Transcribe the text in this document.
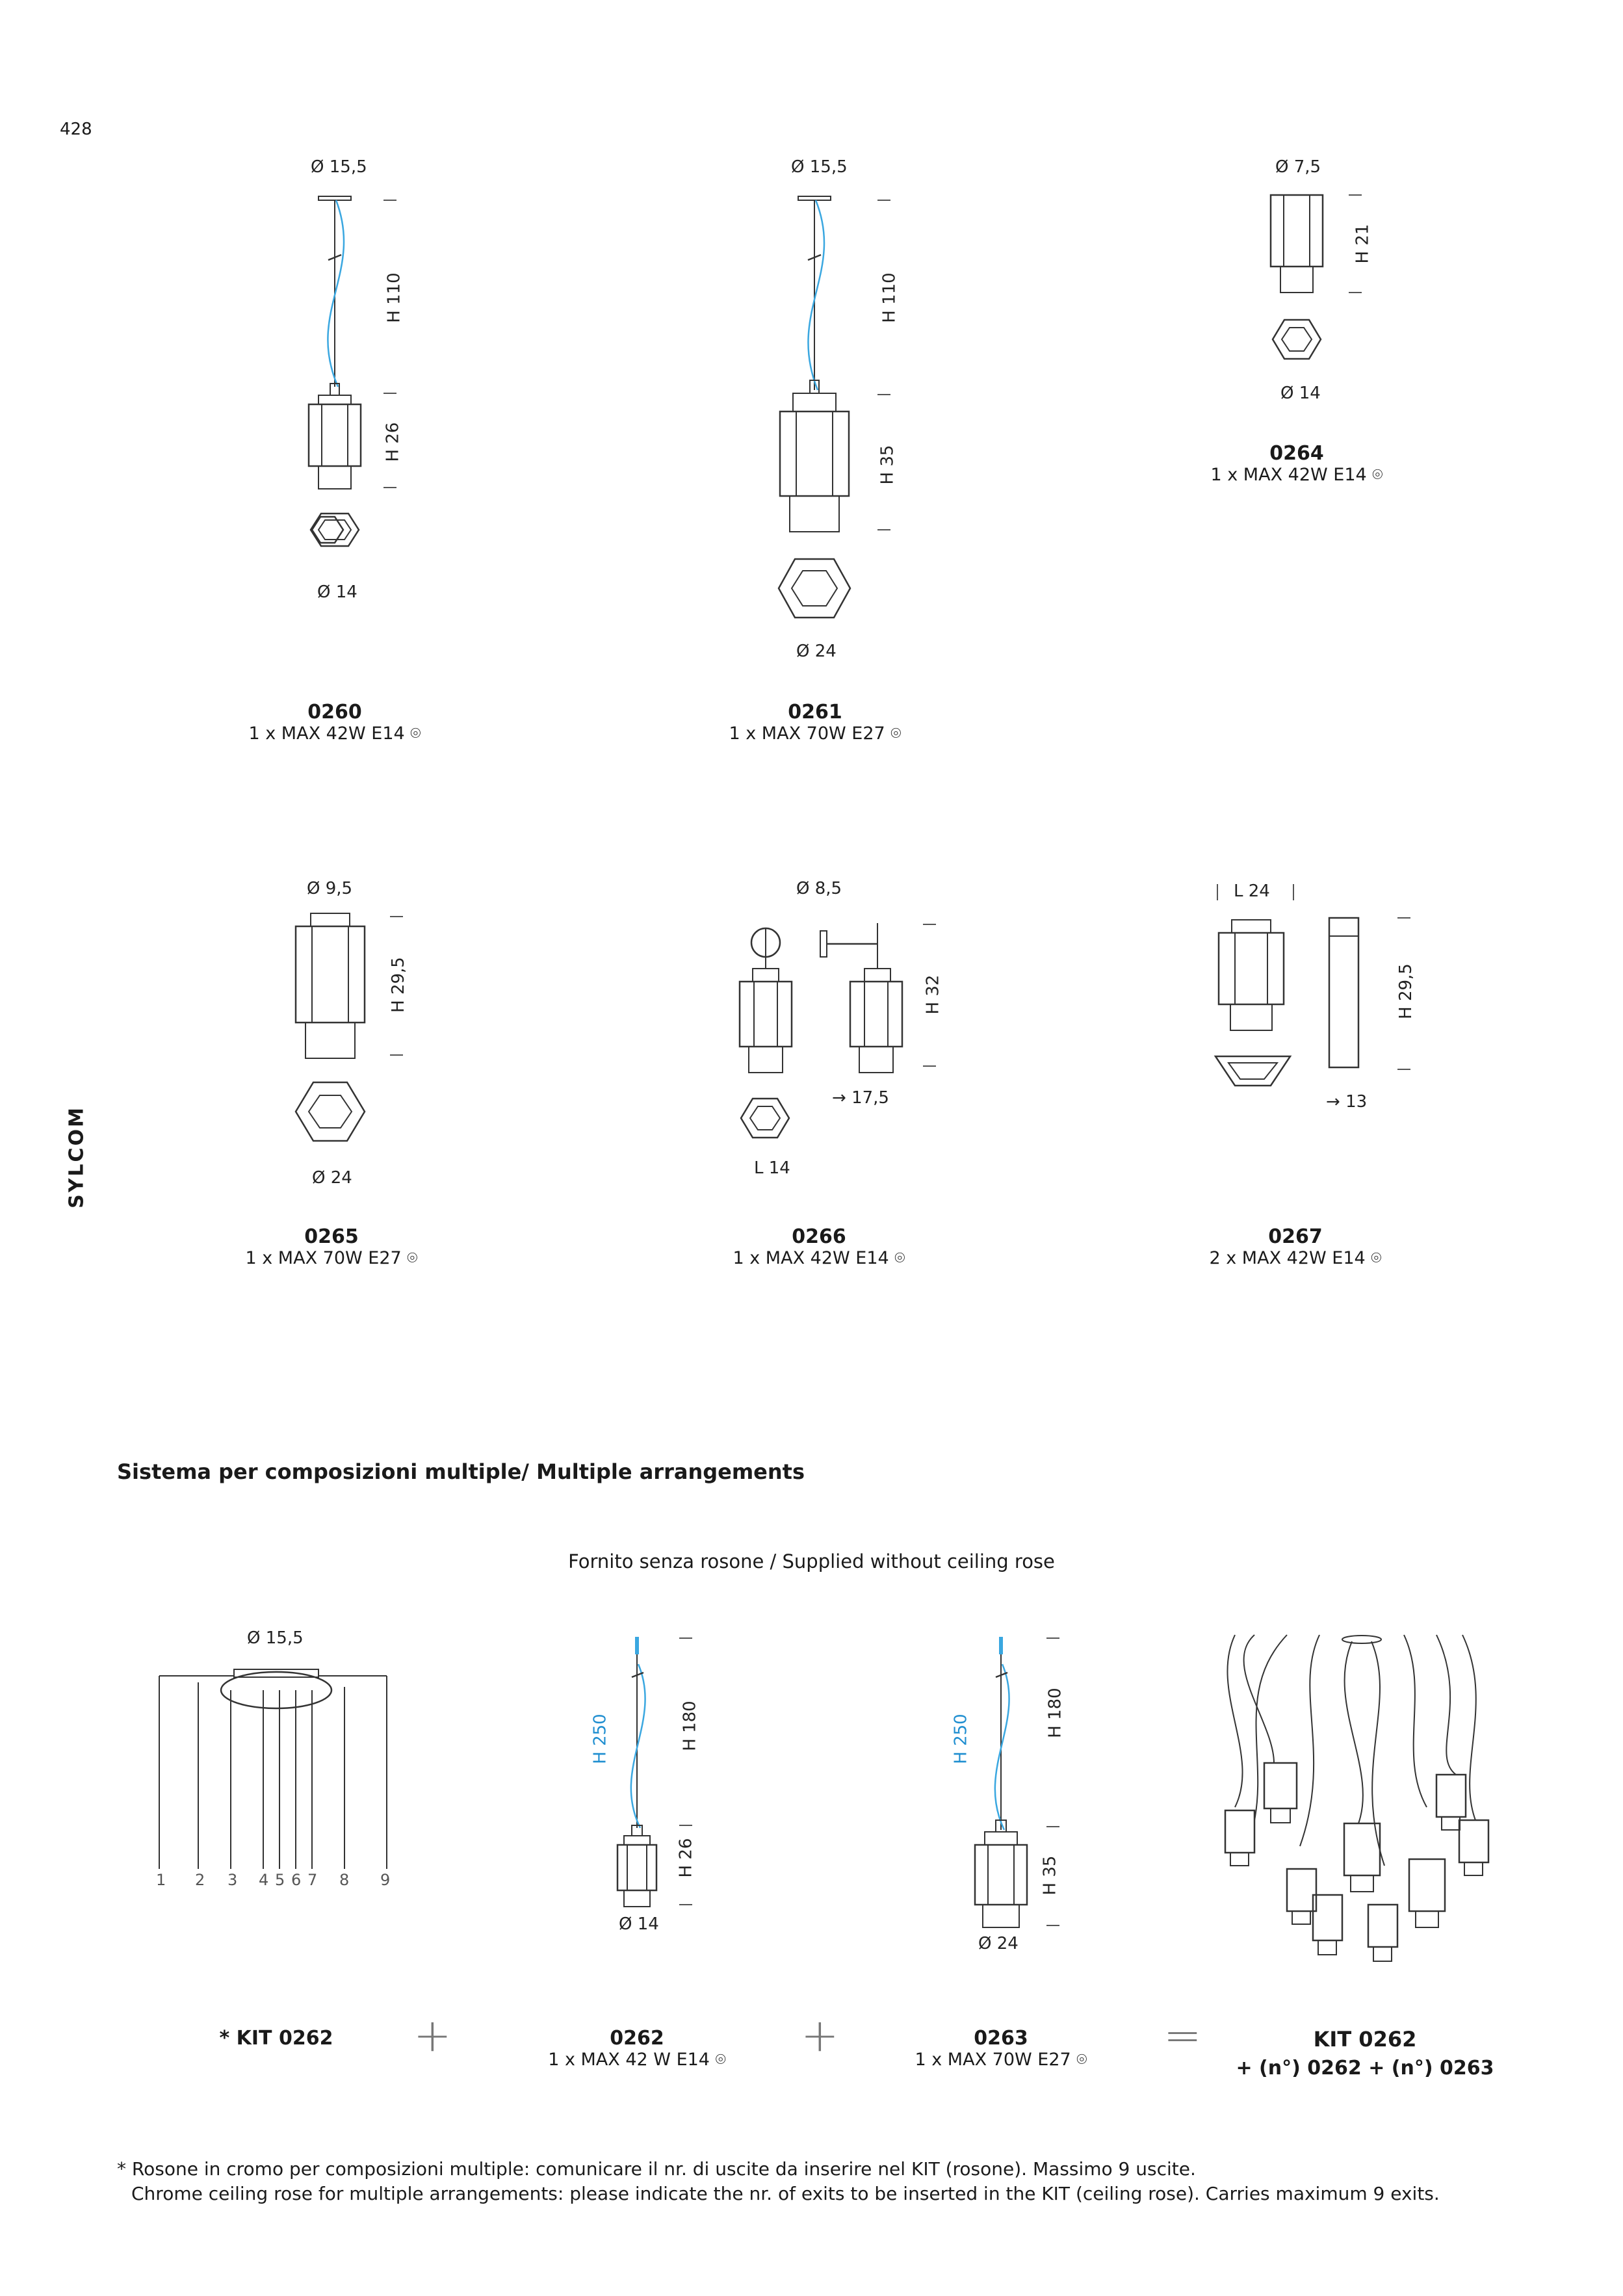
428
SYLCOM
Ø 15,5
H 110
H 26
Ø 14
0260
1 x MAX 42W E14 ⌾
Ø 15,5
H 110
H 35
Ø 24
0261
1 x MAX 70W E27 ⌾
Ø 7,5
H 21
Ø 14
0264
1 x MAX 42W E14 ⌾
Ø 9,5
H 29,5
Ø 24
0265
1 x MAX 70W E27 ⌾
Ø 8,5
H 32
→ 17,5
L 14
0266
1 x MAX 42W E14 ⌾
L 24
H 29,5
→ 13
0267
2 x MAX 42W E14 ⌾
Sistema per composizioni multiple/ Multiple arrangements
Fornito senza rosone / Supplied without ceiling rose
Ø 15,5
1 2 3 4 5 6 7 8 9
* KIT 0262
H 250	H 180
H 26
Ø 14
0262
1 x MAX 42 W E14 ⌾
H 250
H 180
H 35
Ø 24
0263
1 x MAX 70W E27 ⌾
+	+	=	KIT 0262
+ (n°) 0262 + (n°) 0263
* Rosone in cromo per composizioni multiple: comunicare il nr. di uscite da inserire nel KIT (rosone). Massimo 9 uscite.
Chrome ceiling rose for multiple arrangements: please indicate the nr. of exits to be inserted in the KIT (ceiling rose). Carries maximum 9 exits.
